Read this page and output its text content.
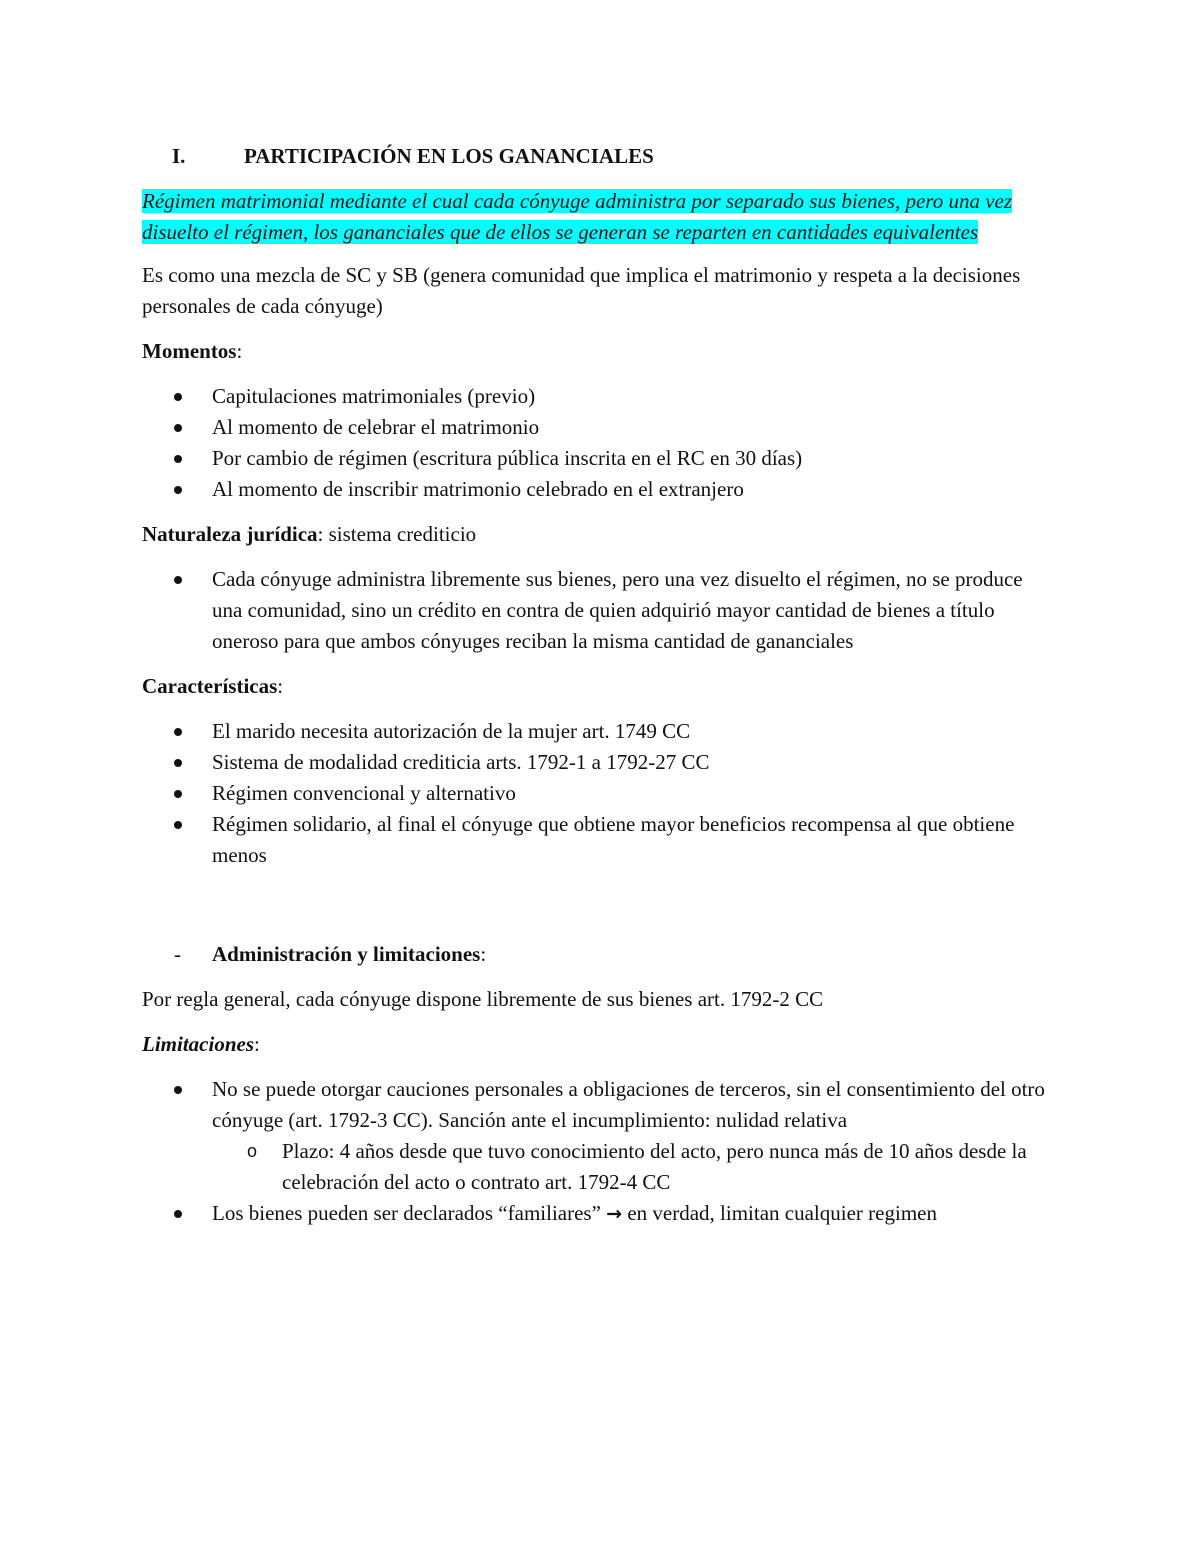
I.	PARTICIPACIÓN EN LOS GANANCIALES

Régimen matrimonial mediante el cual cada cónyuge administra por separado sus bienes, pero una vez disuelto el régimen, los gananciales que de ellos se generan se reparten en cantidades equivalentes

Es como una mezcla de SC y SB (genera comunidad que implica el matrimonio y respeta a la decisiones personales de cada cónyuge)

Momentos:

Capitulaciones matrimoniales (previo)
Al momento de celebrar el matrimonio
Por cambio de régimen (escritura pública inscrita en el RC en 30 días)
Al momento de inscribir matrimonio celebrado en el extranjero

Naturaleza jurídica: sistema crediticio

Cada cónyuge administra libremente sus bienes, pero una vez disuelto el régimen, no se produce una comunidad, sino un crédito en contra de quien adquirió mayor cantidad de bienes a título oneroso para que ambos cónyuges reciban la misma cantidad de gananciales

Características:

El marido necesita autorización de la mujer art. 1749 CC
Sistema de modalidad crediticia arts. 1792-1 a 1792-27 CC
Régimen convencional y alternativo
Régimen solidario, al final el cónyuge que obtiene mayor beneficios recompensa al que obtiene menos
-	Administración y limitaciones:

Por regla general, cada cónyuge dispone libremente de sus bienes art. 1792-2 CC

Limitaciones:

No se puede otorgar cauciones personales a obligaciones de terceros, sin el consentimiento del otro cónyuge (art. 1792-3 CC). Sanción ante el incumplimiento: nulidad relativa
o Plazo: 4 años desde que tuvo conocimiento del acto, pero nunca más de 10 años desde la celebración del acto o contrato art. 1792-4 CC
Los bienes pueden ser declarados “familiares” → en verdad, limitan cualquier regimen
